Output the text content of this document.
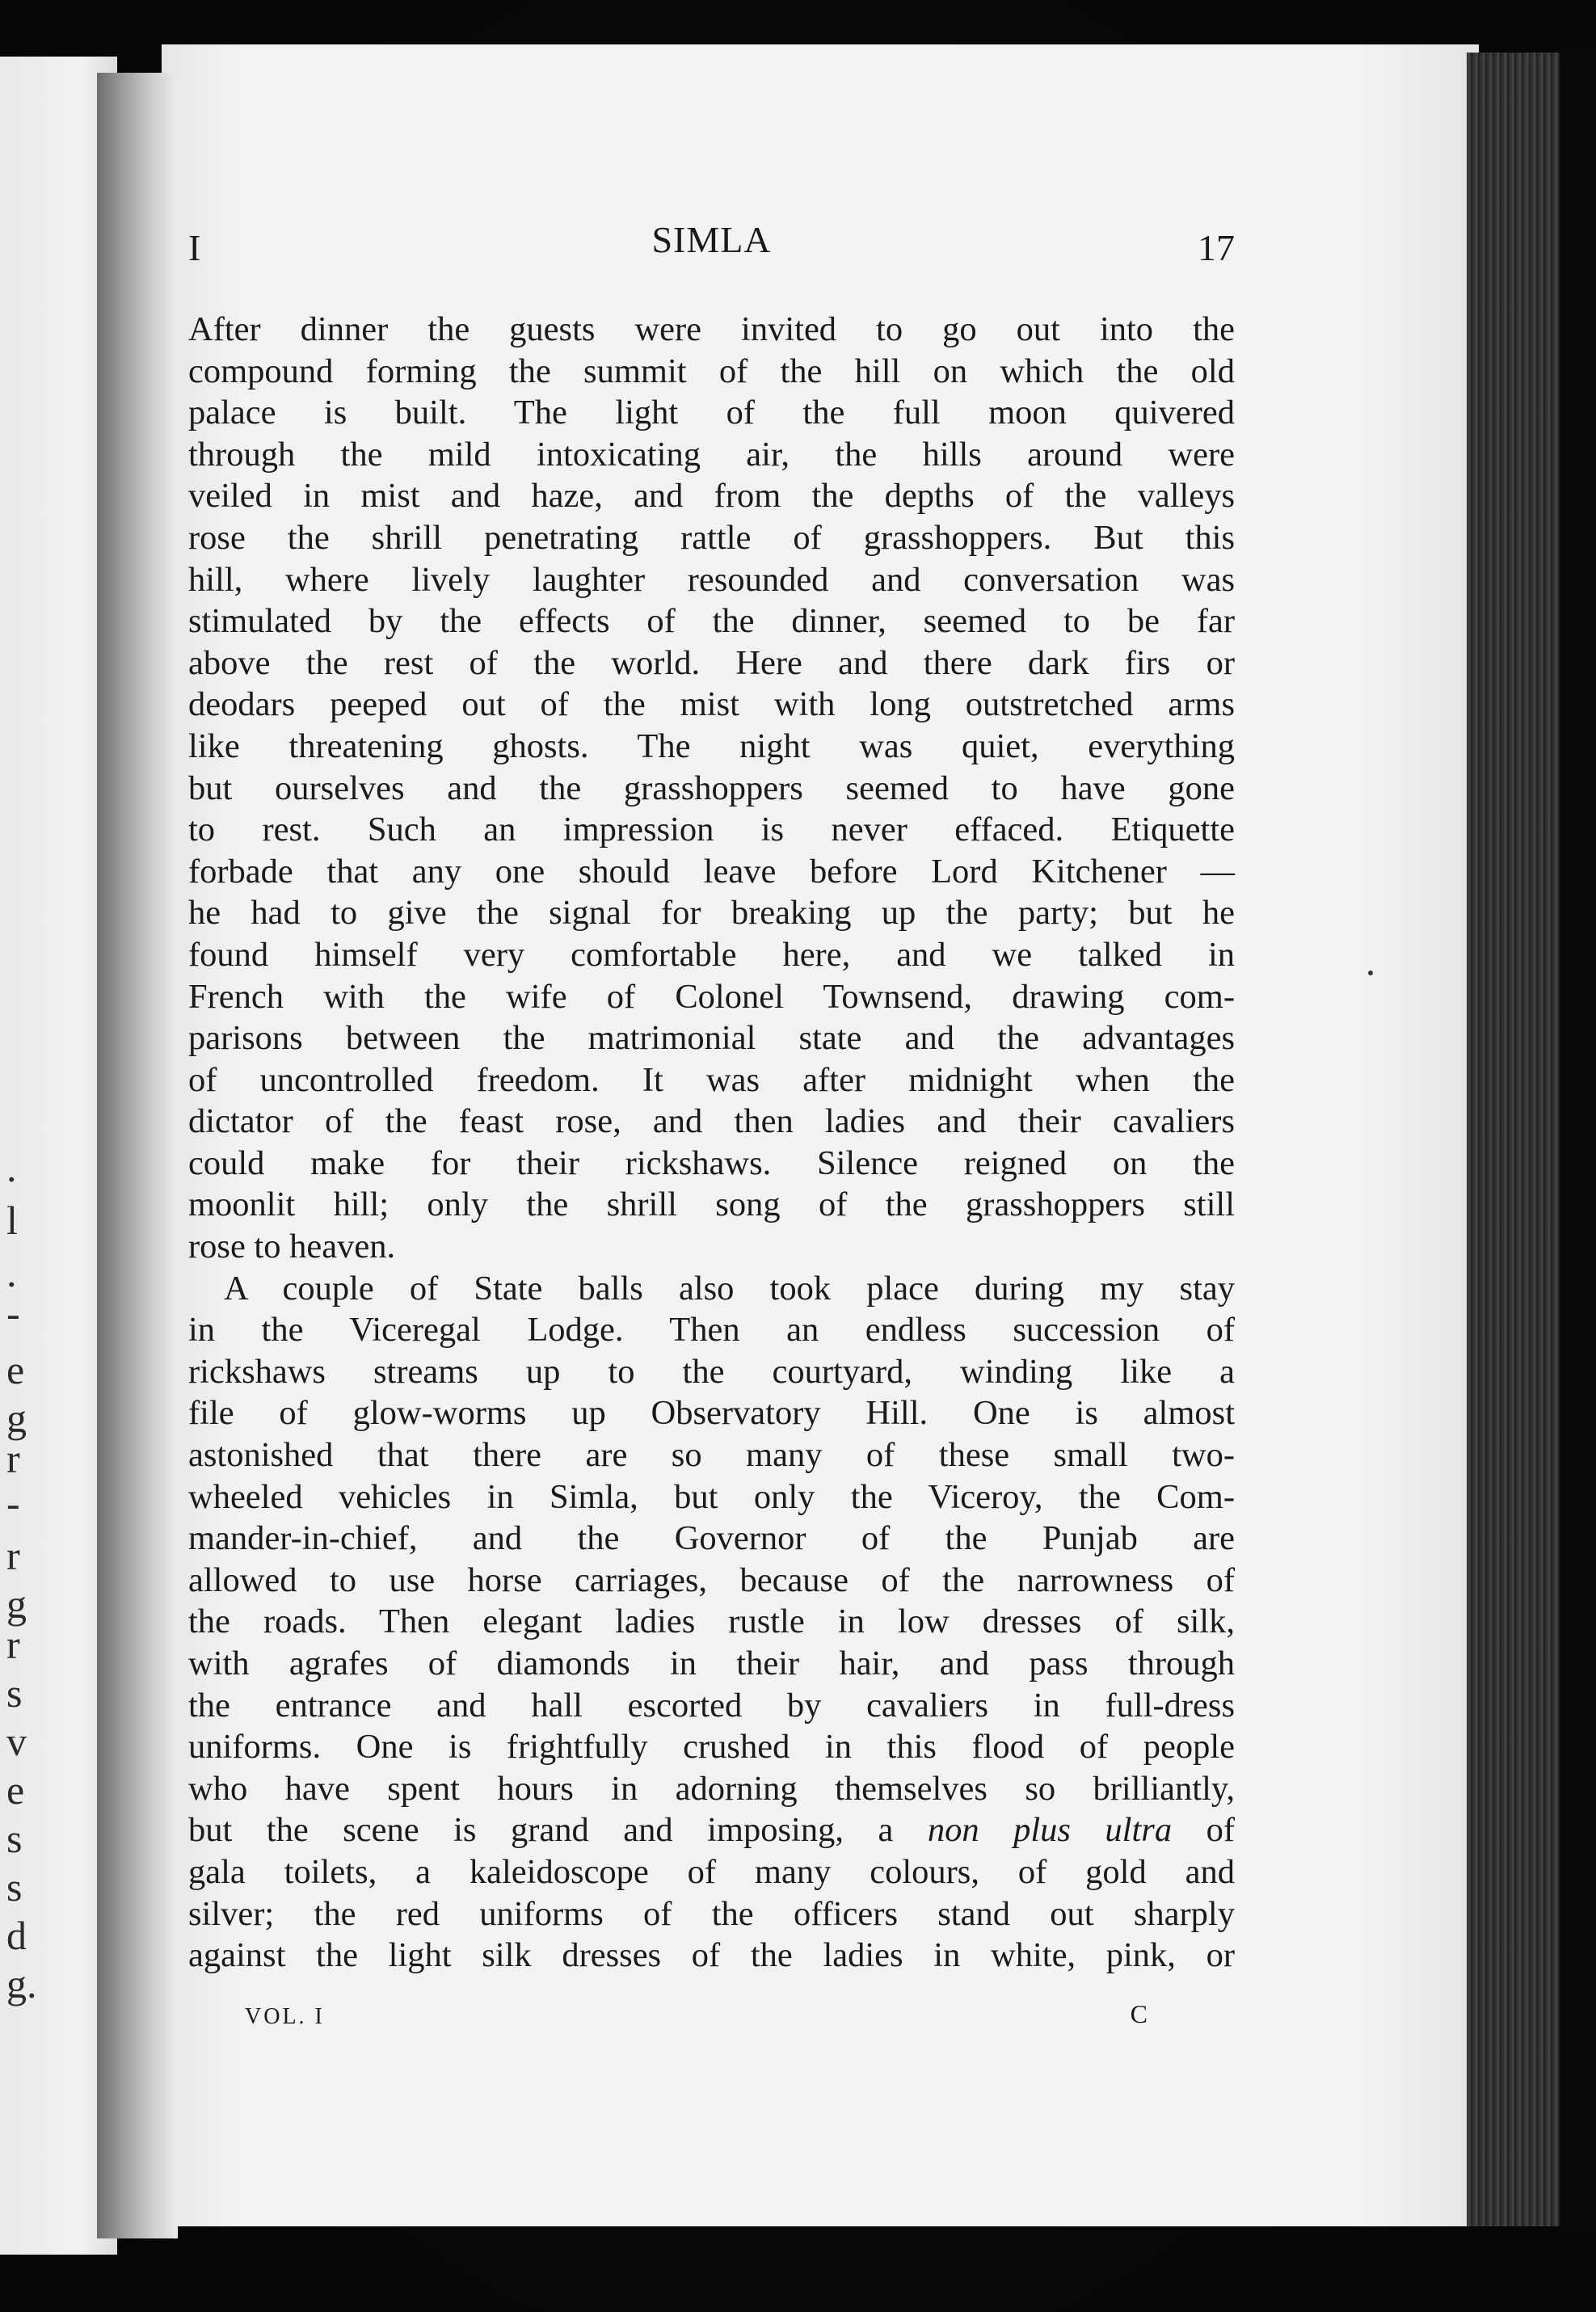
.
l
.
-
e
g
r
-
r
g
r
s
v
e
s
s
d
g.
I	SIMLA	17
After dinner the guests were invited to go out into the
compound forming the summit of the hill on which the old
palace is built. The light of the full moon quivered
through the mild intoxicating air, the hills around were
veiled in mist and haze, and from the depths of the valleys
rose the shrill penetrating rattle of grasshoppers. But this
hill, where lively laughter resounded and conversation was
stimulated by the effects of the dinner, seemed to be far
above the rest of the world. Here and there dark firs or
deodars peeped out of the mist with long outstretched arms
like threatening ghosts. The night was quiet, everything
but ourselves and the grasshoppers seemed to have gone
to rest. Such an impression is never effaced. Etiquette
forbade that any one should leave before Lord Kitchener —
he had to give the signal for breaking up the party; but he
found himself very comfortable here, and we talked in
French with the wife of Colonel Townsend, drawing com-
parisons between the matrimonial state and the advantages
of uncontrolled freedom. It was after midnight when the
dictator of the feast rose, and then ladies and their cavaliers
could make for their rickshaws. Silence reigned on the
moonlit hill; only the shrill song of the grasshoppers still
rose to heaven.
A couple of State balls also took place during my stay
in the Viceregal Lodge. Then an endless succession of
rickshaws streams up to the courtyard, winding like a
file of glow-worms up Observatory Hill. One is almost
astonished that there are so many of these small two-
wheeled vehicles in Simla, but only the Viceroy, the Com-
mander-in-chief, and the Governor of the Punjab are
allowed to use horse carriages, because of the narrowness of
the roads. Then elegant ladies rustle in low dresses of silk,
with agrafes of diamonds in their hair, and pass through
the entrance and hall escorted by cavaliers in full-dress
uniforms. One is frightfully crushed in this flood of people
who have spent hours in adorning themselves so brilliantly,
but the scene is grand and imposing, a non plus ultra of
gala toilets, a kaleidoscope of many colours, of gold and
silver; the red uniforms of the officers stand out sharply
against the light silk dresses of the ladies in white, pink, or
VOL. I	C
